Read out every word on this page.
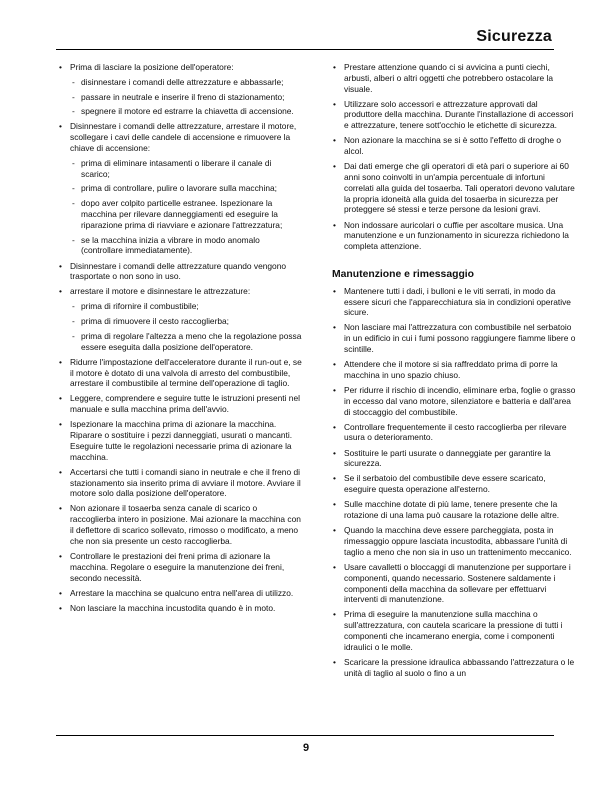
Sicurezza
• Prima di lasciare la posizione dell'operatore:
- disinnestare i comandi delle attrezzature e abbassarle;
- passare in neutrale e inserire il freno di stazionamento;
- spegnere il motore ed estrarre la chiavetta di accensione.
• Disinnestare i comandi delle attrezzature, arrestare il motore, scollegare i cavi delle candele di accensione e rimuovere la chiave di accensione:
- prima di eliminare intasamenti o liberare il canale di scarico;
- prima di controllare, pulire o lavorare sulla macchina;
- dopo aver colpito particelle estranee. Ispezionare la macchina per rilevare danneggiamenti ed eseguire la riparazione prima di riavviare e azionare l'attrezzatura;
- se la macchina inizia a vibrare in modo anomalo (controllare immediatamente).
• Disinnestare i comandi delle attrezzature quando vengono trasportate o non sono in uso.
• arrestare il motore e disinnestare le attrezzature:
- prima di rifornire il combustibile;
- prima di rimuovere il cesto raccoglierba;
- prima di regolare l'altezza a meno che la regolazione possa essere eseguita dalla posizione dell'operatore.
• Ridurre l'impostazione dell'acceleratore durante il run-out e, se il motore è dotato di una valvola di arresto del combustibile, arrestare il combustibile al termine dell'operazione di taglio.
• Leggere, comprendere e seguire tutte le istruzioni presenti nel manuale e sulla macchina prima dell'avvio.
• Ispezionare la macchina prima di azionare la macchina. Riparare o sostituire i pezzi danneggiati, usurati o mancanti. Eseguire tutte le regolazioni necessarie prima di azionare la macchina.
• Accertarsi che tutti i comandi siano in neutrale e che il freno di stazionamento sia inserito prima di avviare il motore. Avviare il motore solo dalla posizione dell'operatore.
• Non azionare il tosaerba senza canale di scarico o raccoglierba intero in posizione. Mai azionare la macchina con il deflettore di scarico sollevato, rimosso o modificato, a meno che non sia presente un cesto raccoglierba.
• Controllare le prestazioni dei freni prima di azionare la macchina. Regolare o eseguire la manutenzione dei freni, secondo necessità.
• Arrestare la macchina se qualcuno entra nell'area di utilizzo.
• Non lasciare la macchina incustodita quando è in moto.
• Prestare attenzione quando ci si avvicina a punti ciechi, arbusti, alberi o altri oggetti che potrebbero ostacolare la visuale.
• Utilizzare solo accessori e attrezzature approvati dal produttore della macchina. Durante l'installazione di accessori e attrezzature, tenere sott'occhio le etichette di sicurezza.
• Non azionare la macchina se si è sotto l'effetto di droghe o alcol.
• Dai dati emerge che gli operatori di età pari o superiore ai 60 anni sono coinvolti in un'ampia percentuale di infortuni correlati alla guida del tosaerba. Tali operatori devono valutare la propria idoneità alla guida del tosaerba in sicurezza per proteggere sé stessi e terze persone da lesioni gravi.
• Non indossare auricolari o cuffie per ascoltare musica. Una manutenzione e un funzionamento in sicurezza richiedono la completa attenzione.
Manutenzione e rimessaggio
• Mantenere tutti i dadi, i bulloni e le viti serrati, in modo da essere sicuri che l'apparecchiatura sia in condizioni operative sicure.
• Non lasciare mai l'attrezzatura con combustibile nel serbatoio in un edificio in cui i fumi possono raggiungere fiamme libere o scintille.
• Attendere che il motore si sia raffreddato prima di porre la macchina in uno spazio chiuso.
• Per ridurre il rischio di incendio, eliminare erba, foglie o grasso in eccesso dal vano motore, silenziatore e batteria e dall'area di stoccaggio del combustibile.
• Controllare frequentemente il cesto raccoglierba per rilevare usura o deterioramento.
• Sostituire le parti usurate o danneggiate per garantire la sicurezza.
• Se il serbatoio del combustibile deve essere scaricato, eseguire questa operazione all'esterno.
• Sulle macchine dotate di più lame, tenere presente che la rotazione di una lama può causare la rotazione delle altre.
• Quando la macchina deve essere parcheggiata, posta in rimessaggio oppure lasciata incustodita, abbassare l'unità di taglio a meno che non sia in uso un trattenimento meccanico.
• Usare cavalletti o bloccaggi di manutenzione per supportare i componenti, quando necessario. Sostenere saldamente i componenti della macchina da sollevare per effettuarvi interventi di manutenzione.
• Prima di eseguire la manutenzione sulla macchina o sull'attrezzatura, con cautela scaricare la pressione di tutti i componenti che incamerano energia, come i componenti idraulici o le molle.
• Scaricare la pressione idraulica abbassando l'attrezzatura o le unità di taglio al suolo o fino a un
9
